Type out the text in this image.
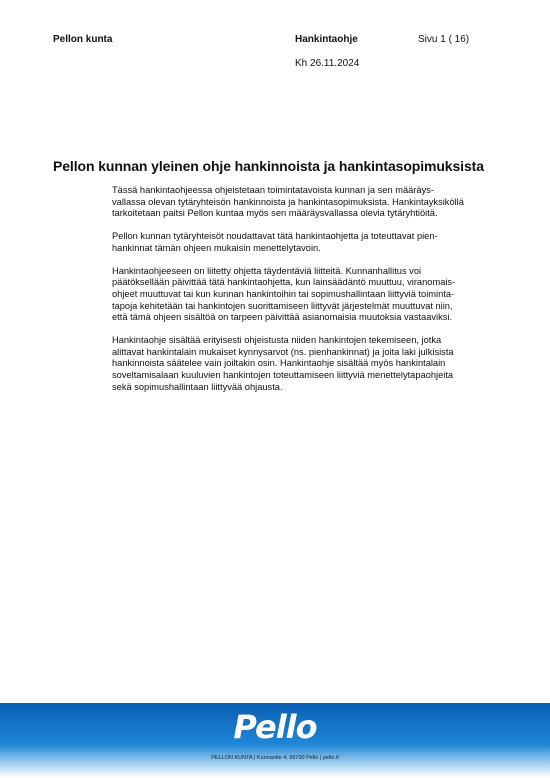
Pellon kunta	Hankintaohje	Sivu 1 ( 16)
Kh 26.11.2024
Pellon kunnan yleinen ohje hankinnoista ja hankintasopimuksista

Tässä hankintaohjeessa ohjeistetaan toimintatavoista kunnan ja sen määräys-
vallassa olevan tytäryhteisön hankinnoista ja hankintasopimuksista. Hankintayksiköllä
tarkoitetaan paitsi Pellon kuntaa myös sen määräysvallassa olevia tytäryhtiöitä.

Pellon kunnan tytäryhteisöt noudattavat tätä hankintaohjetta ja toteuttavat pien-
hankinnat tämän ohjeen mukaisin menettelytavoin.

Hankintaohjeeseen on liitetty ohjetta täydentäviä liitteitä. Kunnanhallitus voi
päätöksellään päivittää tätä hankintaohjetta, kun lainsäädäntö muuttuu, viranomais-
ohjeet muuttuvat tai kun kunnan hankintoihin tai sopimushallintaan liittyviä toiminta-
tapoja kehitetään tai hankintojen suorittamiseen liittyvät järjestelmät muuttuvat niin,
että tämä ohjeen sisältöä on tarpeen päivittää asianomaisia muutoksia vastaaviksi.

Hankintaohje sisältää erityisesti ohjeistusta niiden hankintojen tekemiseen, jotka
alittavat hankintalain mukaiset kynnysarvot (ns. pienhankinnat) ja joita laki julkisista
hankinnoista säätelee vain joiltakin osin. Hankintaohje sisältää myös hankintalain
soveltamisalaan kuuluvien hankintojen toteuttamiseen liittyviä menettelytapaohjeita
sekä sopimushallintaan liittyvää ohjausta.

Pello
PELLON KUNTA | Kunnantie 4, 95700 Pello | pello.fi
